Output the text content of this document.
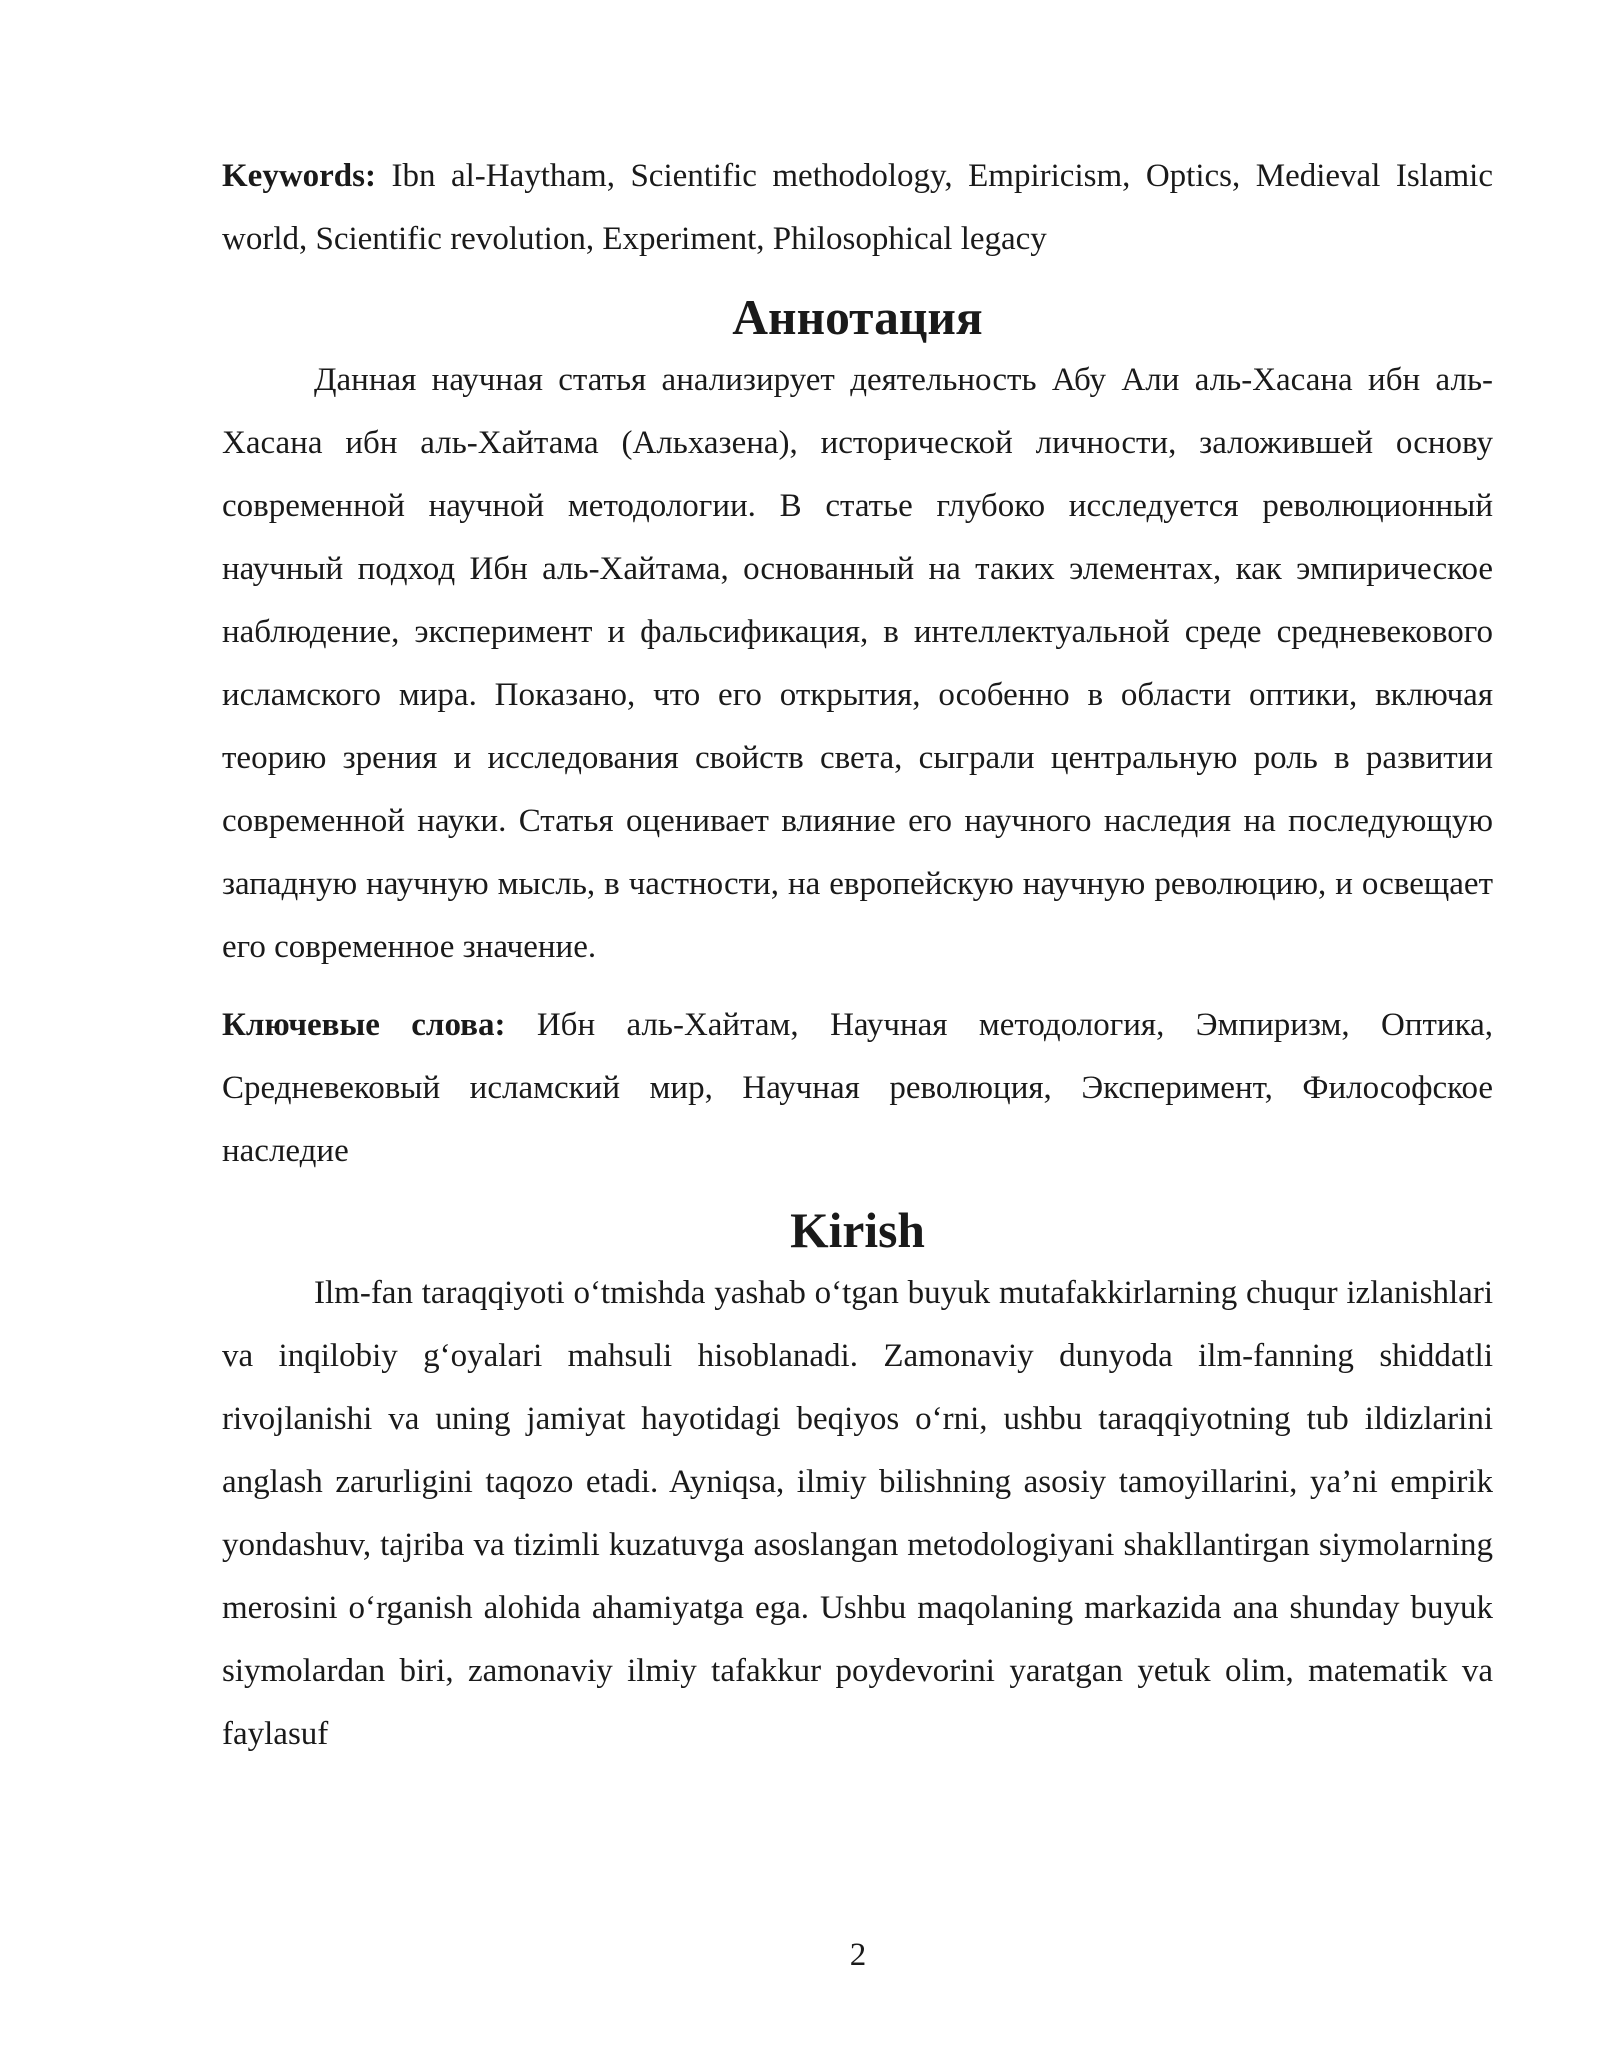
Keywords: Ibn al-Haytham, Scientific methodology, Empiricism, Optics, Medieval Islamic world, Scientific revolution, Experiment, Philosophical legacy

Аннотация

Данная научная статья анализирует деятельность Абу Али аль-Хасана ибн аль-Хасана ибн аль-Хайтама (Альхазена), исторической личности, заложившей основу современной научной методологии. В статье глубоко исследуется революционный научный подход Ибн аль-Хайтама, основанный на таких элементах, как эмпирическое наблюдение, эксперимент и фальсификация, в интеллектуальной среде средневекового исламского мира. Показано, что его открытия, особенно в области оптики, включая теорию зрения и исследования свойств света, сыграли центральную роль в развитии современной науки. Статья оценивает влияние его научного наследия на последующую западную научную мысль, в частности, на европейскую научную революцию, и освещает его современное значение.

Ключевые слова: Ибн аль-Хайтам, Научная методология, Эмпиризм, Оптика, Средневековый исламский мир, Научная революция, Эксперимент, Философское наследие

Kirish

Ilm-fan taraqqiyoti oʻtmishda yashab oʻtgan buyuk mutafakkirlarning chuqur izlanishlari va inqilobiy gʻoyalari mahsuli hisoblanadi. Zamonaviy dunyoda ilm-fanning shiddatli rivojlanishi va uning jamiyat hayotidagi beqiyos oʻrni, ushbu taraqqiyotning tub ildizlarini anglash zarurligini taqozo etadi. Ayniqsa, ilmiy bilishning asosiy tamoyillarini, ya’ni empirik yondashuv, tajriba va tizimli kuzatuvga asoslangan metodologiyani shakllantirgan siymolarning merosini oʻrganish alohida ahamiyatga ega. Ushbu maqolaning markazida ana shunday buyuk siymolardan biri, zamonaviy ilmiy tafakkur poydevorini yaratgan yetuk olim, matematik va faylasuf

2
